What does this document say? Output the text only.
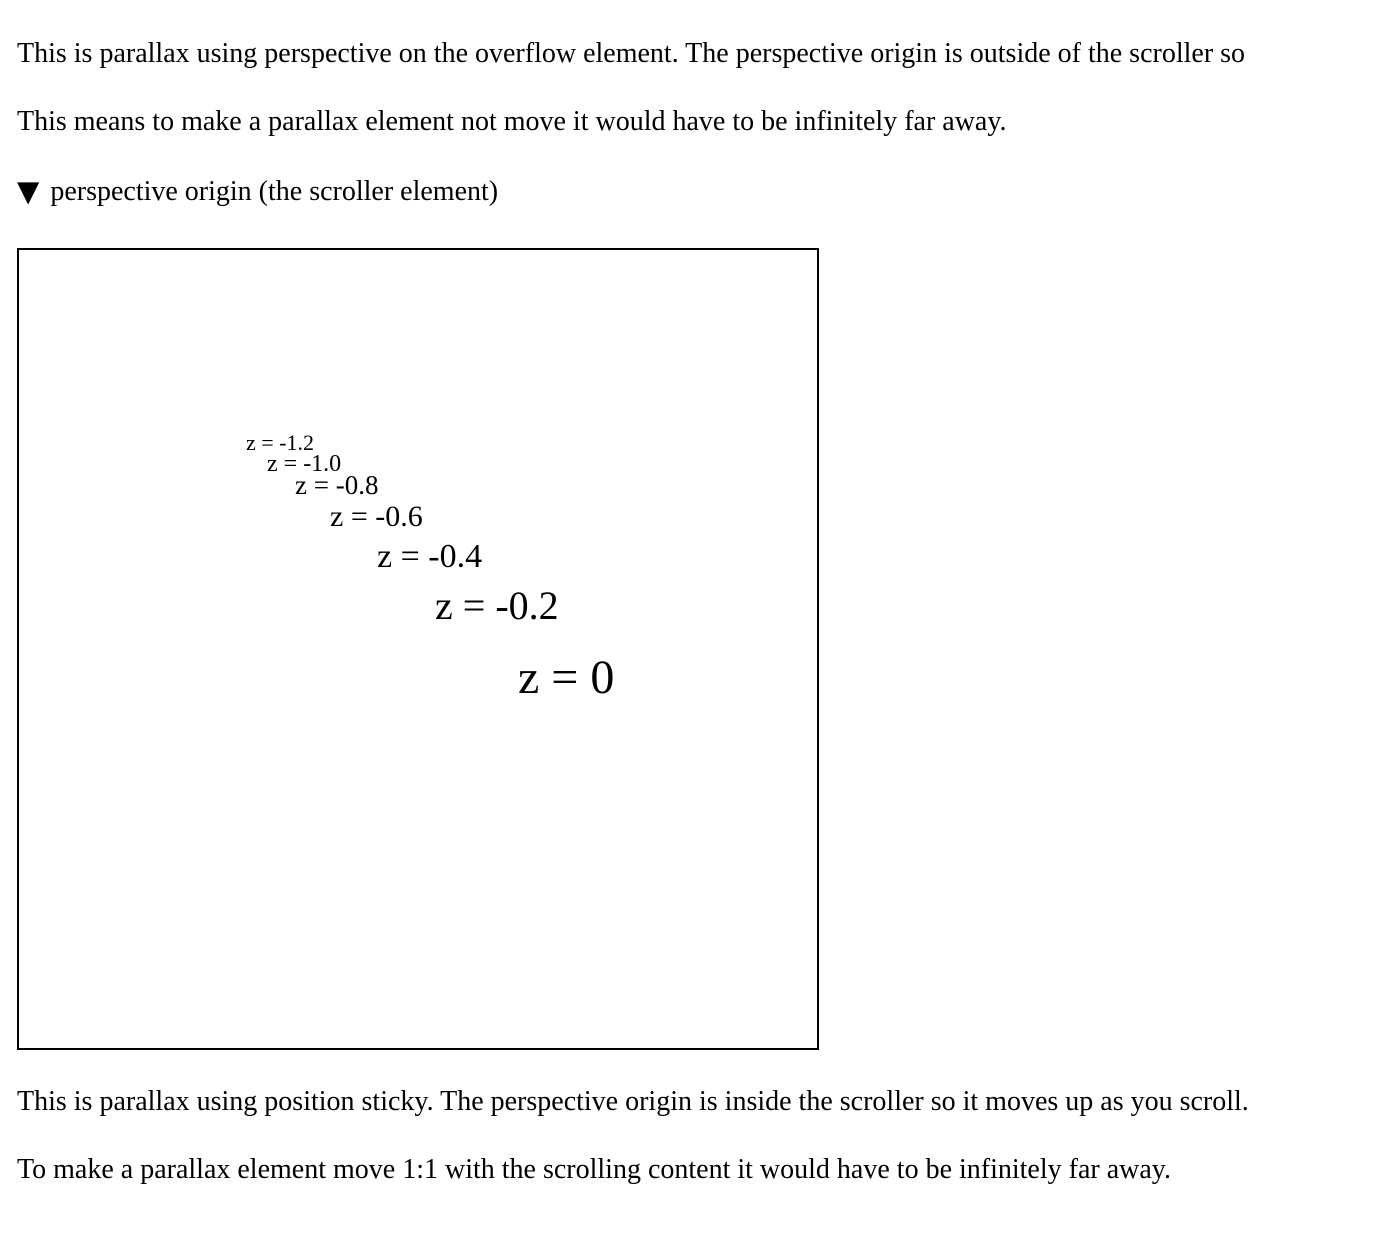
This is parallax using perspective on the overflow element. The perspective origin is outside of the scroller so

This means to make a parallax element not move it would have to be infinitely far away.

▼ perspective origin (the scroller element)

z = -1.2
z = -1.0
z = -0.8
z = -0.6
z = -0.4
z = -0.2
z = 0

This is parallax using position sticky. The perspective origin is inside the scroller so it moves up as you scroll.

To make a parallax element move 1:1 with the scrolling content it would have to be infinitely far away.
